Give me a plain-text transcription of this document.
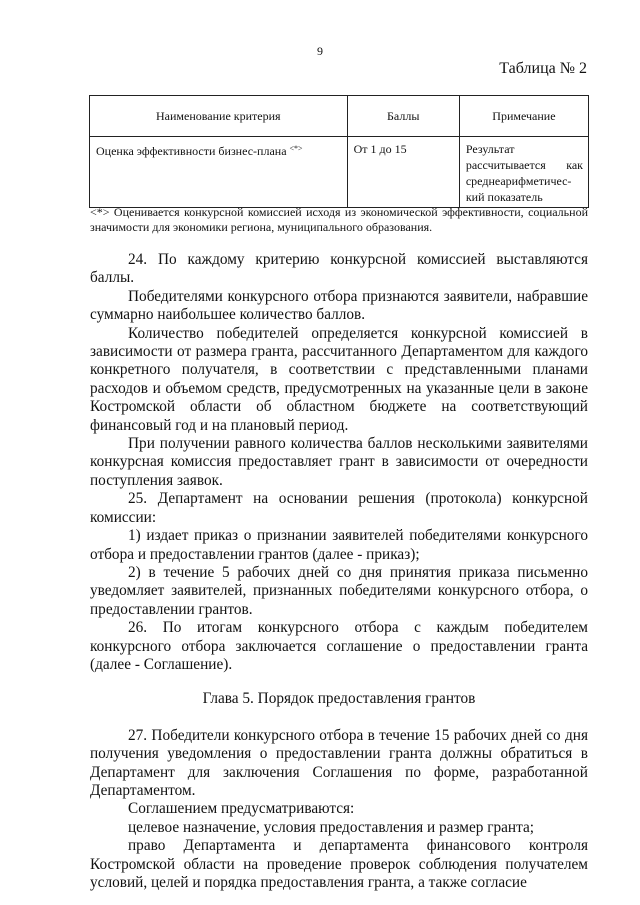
9
Таблица № 2
Наименование критерия	Баллы	Примечание
Оценка эффективности бизнес-плана <*>	От 1 до 15	Результат рассчитывается как среднеарифметичес-кий показатель
<*> Оценивается конкурсной комиссией исходя из экономической эффективности, социальной значимости для экономики региона, муниципального образования.

24. По каждому критерию конкурсной комиссией выставляются баллы.

Победителями конкурсного отбора признаются заявители, набравшие суммарно наибольшее количество баллов.

Количество победителей определяется конкурсной комиссией в зависимости от размера гранта, рассчитанного Департаментом для каждого конкретного получателя, в соответствии с представленными планами расходов и объемом средств, предусмотренных на указанные цели в законе Костромской области об областном бюджете на соответствующий финансовый год и на плановый период.

При получении равного количества баллов несколькими заявителями конкурсная комиссия предоставляет грант в зависимости от очередности поступления заявок.

25. Департамент на основании решения (протокола) конкурсной комиссии:

1) издает приказ о признании заявителей победителями конкурсного отбора и предоставлении грантов (далее - приказ);

2) в течение 5 рабочих дней со дня принятия приказа письменно уведомляет заявителей, признанных победителями конкурсного отбора, о предоставлении грантов.

26. По итогам конкурсного отбора с каждым победителем конкурсного отбора заключается соглашение о предоставлении гранта (далее - Соглашение).

Глава 5. Порядок предоставления грантов

27. Победители конкурсного отбора в течение 15 рабочих дней со дня получения уведомления о предоставлении гранта должны обратиться в Департамент для заключения Соглашения по форме, разработанной Департаментом.

Соглашением предусматриваются:

целевое назначение, условия предоставления и размер гранта;

право Департамента и департамента финансового контроля Костромской области на проведение проверок соблюдения получателем условий, целей и порядка предоставления гранта, а также согласие
